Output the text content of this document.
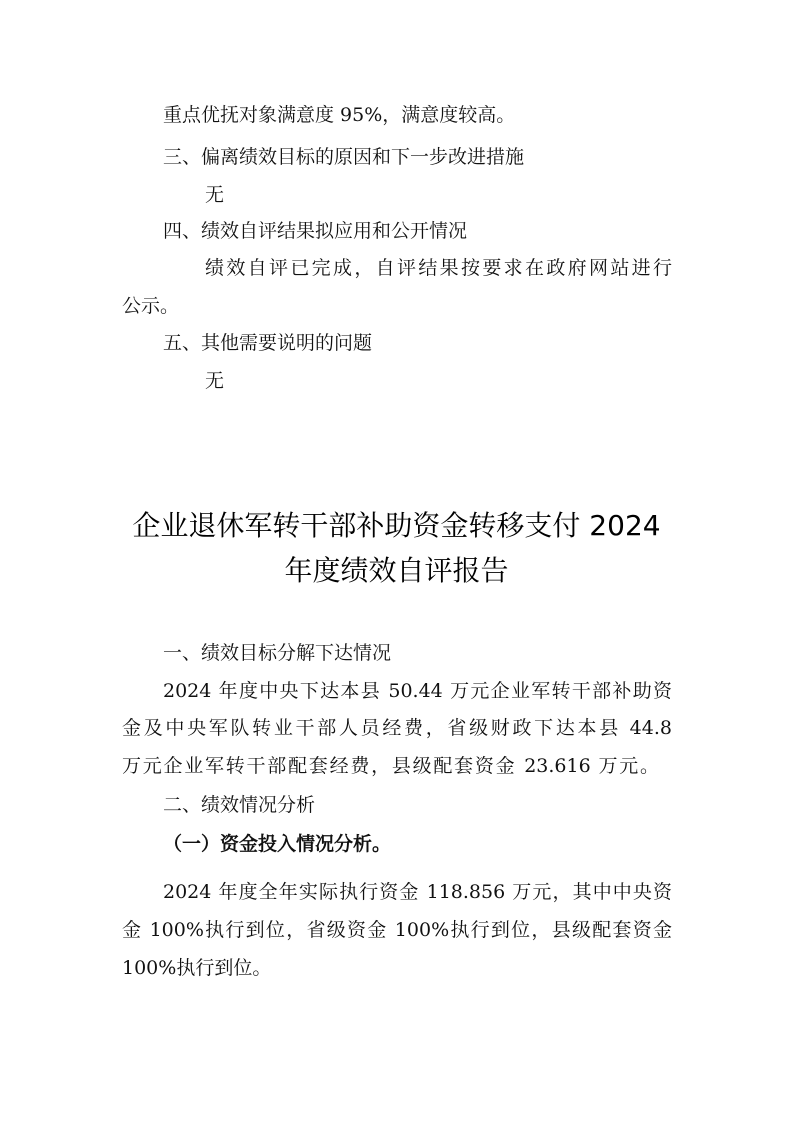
重点优抚对象满意度 95%，满意度较高。
三、偏离绩效目标的原因和下一步改进措施
无
四、绩效自评结果拟应用和公开情况
绩效自评已完成，自评结果按要求在政府网站进行
公示。
五、其他需要说明的问题
无
企业退休军转干部补助资金转移支付 2024
年度绩效自评报告
一、绩效目标分解下达情况
2024 年度中央下达本县 50.44 万元企业军转干部补助资
金及中央军队转业干部人员经费，省级财政下达本县 44.8
万元企业军转干部配套经费，县级配套资金 23.616 万元。
二、绩效情况分析
（一）资金投入情况分析。
2024 年度全年实际执行资金 118.856 万元，其中中央资
金 100%执行到位，省级资金 100%执行到位，县级配套资金
100%执行到位。
